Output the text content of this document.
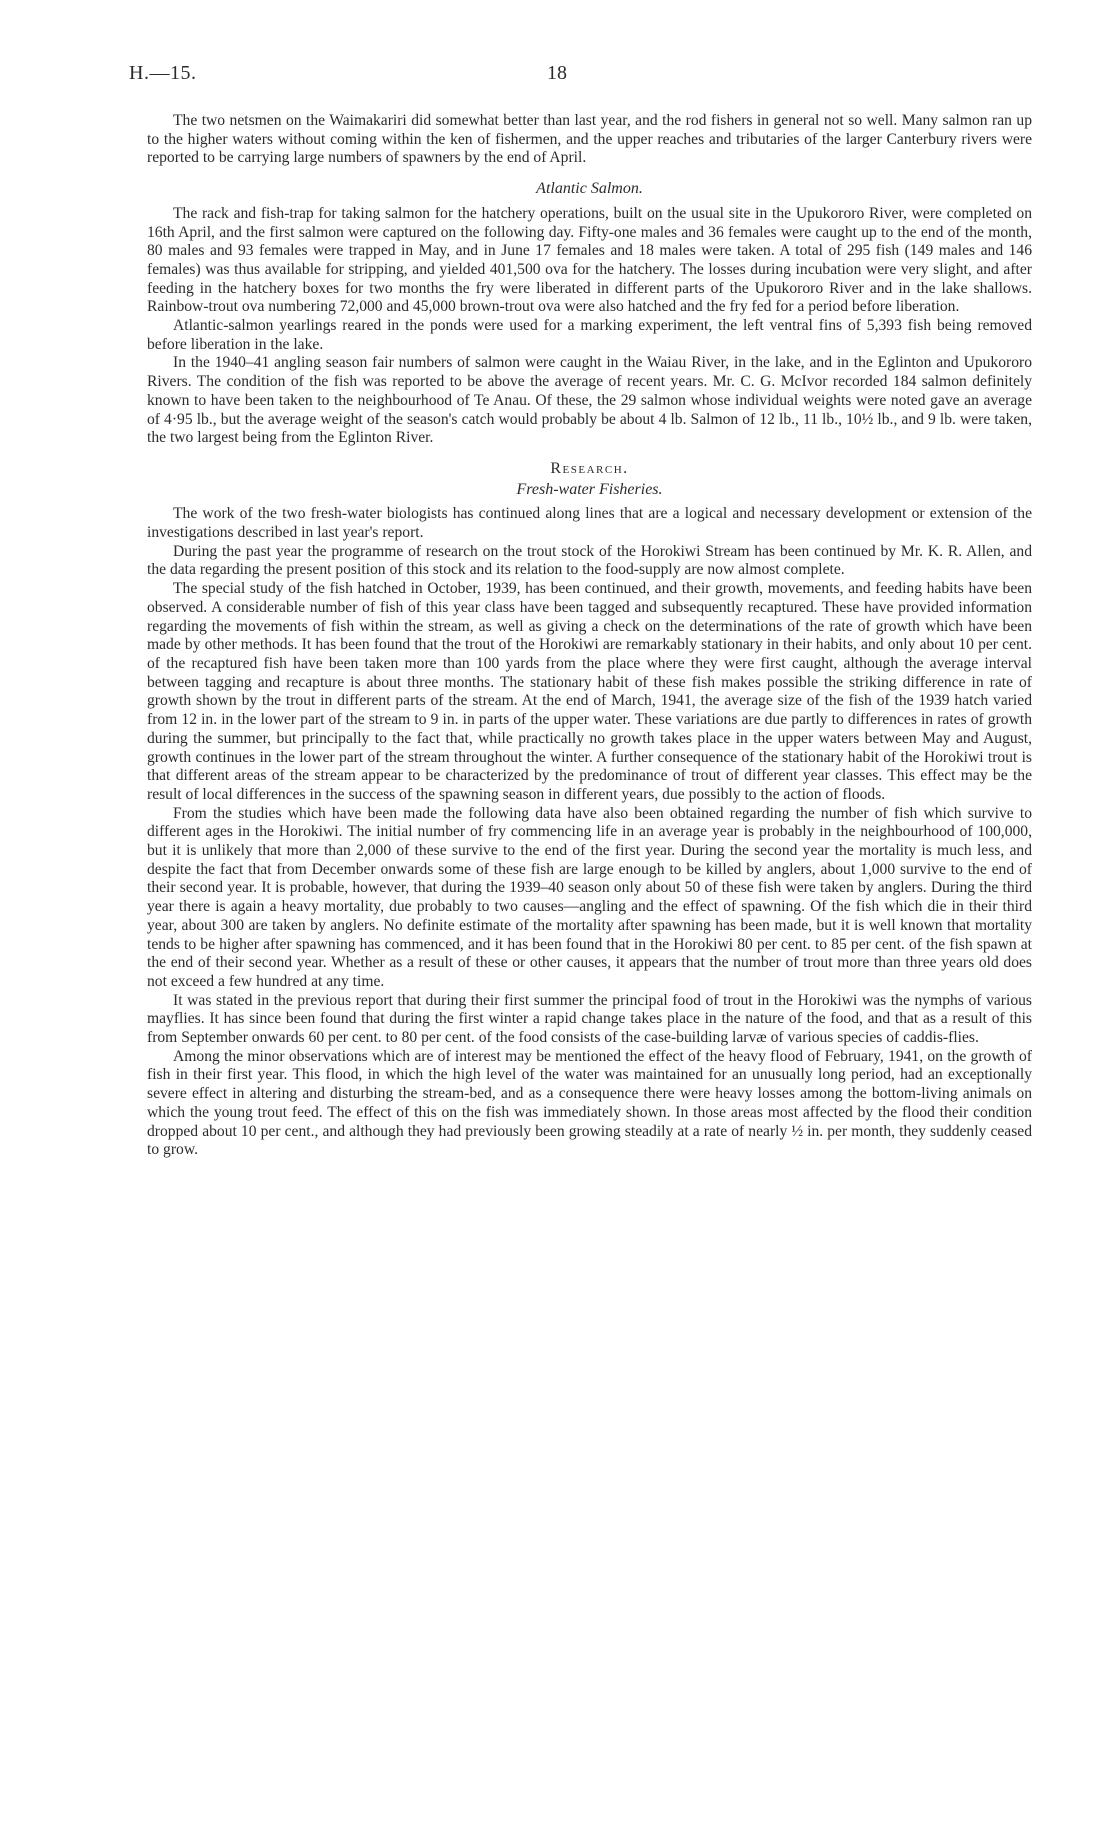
H.—15.	18

The two netsmen on the Waimakariri did somewhat better than last year, and the rod fishers in general not so well. Many salmon ran up to the higher waters without coming within the ken of fishermen, and the upper reaches and tributaries of the larger Canterbury rivers were reported to be carrying large numbers of spawners by the end of April.

Atlantic Salmon.

The rack and fish-trap for taking salmon for the hatchery operations, built on the usual site in the Upukororo River, were completed on 16th April, and the first salmon were captured on the following day. Fifty-one males and 36 females were caught up to the end of the month, 80 males and 93 females were trapped in May, and in June 17 females and 18 males were taken. A total of 295 fish (149 males and 146 females) was thus available for stripping, and yielded 401,500 ova for the hatchery. The losses during incubation were very slight, and after feeding in the hatchery boxes for two months the fry were liberated in different parts of the Upukororo River and in the lake shallows. Rainbow-trout ova numbering 72,000 and 45,000 brown-trout ova were also hatched and the fry fed for a period before liberation.

Atlantic-salmon yearlings reared in the ponds were used for a marking experiment, the left ventral fins of 5,393 fish being removed before liberation in the lake.

In the 1940–41 angling season fair numbers of salmon were caught in the Waiau River, in the lake, and in the Eglinton and Upukororo Rivers. The condition of the fish was reported to be above the average of recent years. Mr. C. G. McIvor recorded 184 salmon definitely known to have been taken to the neighbourhood of Te Anau. Of these, the 29 salmon whose individual weights were noted gave an average of 4·95 lb., but the average weight of the season's catch would probably be about 4 lb. Salmon of 12 lb., 11 lb., 10½ lb., and 9 lb. were taken, the two largest being from the Eglinton River.

Research.
Fresh-water Fisheries.

The work of the two fresh-water biologists has continued along lines that are a logical and necessary development or extension of the investigations described in last year's report.

During the past year the programme of research on the trout stock of the Horokiwi Stream has been continued by Mr. K. R. Allen, and the data regarding the present position of this stock and its relation to the food-supply are now almost complete.

The special study of the fish hatched in October, 1939, has been continued, and their growth, movements, and feeding habits have been observed. A considerable number of fish of this year class have been tagged and subsequently recaptured. These have provided information regarding the movements of fish within the stream, as well as giving a check on the determinations of the rate of growth which have been made by other methods. It has been found that the trout of the Horokiwi are remarkably stationary in their habits, and only about 10 per cent. of the recaptured fish have been taken more than 100 yards from the place where they were first caught, although the average interval between tagging and recapture is about three months. The stationary habit of these fish makes possible the striking difference in rate of growth shown by the trout in different parts of the stream. At the end of March, 1941, the average size of the fish of the 1939 hatch varied from 12 in. in the lower part of the stream to 9 in. in parts of the upper water. These variations are due partly to differences in rates of growth during the summer, but principally to the fact that, while practically no growth takes place in the upper waters between May and August, growth continues in the lower part of the stream throughout the winter. A further consequence of the stationary habit of the Horokiwi trout is that different areas of the stream appear to be characterized by the predominance of trout of different year classes. This effect may be the result of local differences in the success of the spawning season in different years, due possibly to the action of floods.

From the studies which have been made the following data have also been obtained regarding the number of fish which survive to different ages in the Horokiwi. The initial number of fry commencing life in an average year is probably in the neighbourhood of 100,000, but it is unlikely that more than 2,000 of these survive to the end of the first year. During the second year the mortality is much less, and despite the fact that from December onwards some of these fish are large enough to be killed by anglers, about 1,000 survive to the end of their second year. It is probable, however, that during the 1939–40 season only about 50 of these fish were taken by anglers. During the third year there is again a heavy mortality, due probably to two causes—angling and the effect of spawning. Of the fish which die in their third year, about 300 are taken by anglers. No definite estimate of the mortality after spawning has been made, but it is well known that mortality tends to be higher after spawning has commenced, and it has been found that in the Horokiwi 80 per cent. to 85 per cent. of the fish spawn at the end of their second year. Whether as a result of these or other causes, it appears that the number of trout more than three years old does not exceed a few hundred at any time.

It was stated in the previous report that during their first summer the principal food of trout in the Horokiwi was the nymphs of various mayflies. It has since been found that during the first winter a rapid change takes place in the nature of the food, and that as a result of this from September onwards 60 per cent. to 80 per cent. of the food consists of the case-building larvæ of various species of caddis-flies.

Among the minor observations which are of interest may be mentioned the effect of the heavy flood of February, 1941, on the growth of fish in their first year. This flood, in which the high level of the water was maintained for an unusually long period, had an exceptionally severe effect in altering and disturbing the stream-bed, and as a consequence there were heavy losses among the bottom-living animals on which the young trout feed. The effect of this on the fish was immediately shown. In those areas most affected by the flood their condition dropped about 10 per cent., and although they had previously been growing steadily at a rate of nearly ½ in. per month, they suddenly ceased to grow.
